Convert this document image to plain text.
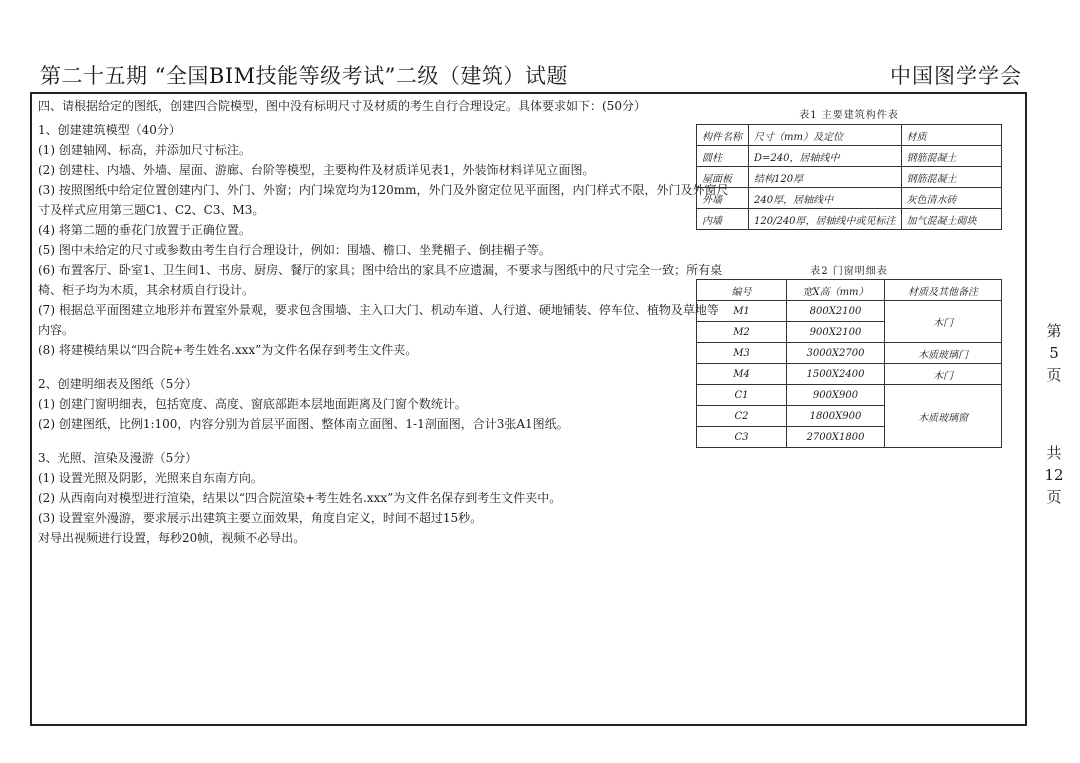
第二十五期 “全国BIM技能等级考试”二级（建筑）试题	中国图学学会
第
5
页
共
12
页
四、请根据给定的图纸，创建四合院模型，图中没有标明尺寸及材质的考生自行合理设定。具体要求如下：(50分）
1、创建建筑模型（40分）
(1) 创建轴网、标高，并添加尺寸标注。
(2) 创建柱、内墙、外墙、屋面、游廊、台阶等模型，主要构件及材质详见表1，外装饰材料详见立面图。
(3) 按照图纸中给定位置创建内门、外门、外窗；内门垛宽均为120mm，外门及外窗定位见平面图，内门样式不限，外门及外窗尺
寸及样式应用第三题C1、C2、C3、M3。
(4) 将第二题的垂花门放置于正确位置。
(5) 图中未给定的尺寸或参数由考生自行合理设计，例如：围墙、檐口、坐凳楣子、倒挂楣子等。
(6) 布置客厅、卧室1、卫生间1、书房、厨房、餐厅的家具；图中给出的家具不应遗漏，不要求与图纸中的尺寸完全一致；所有桌
椅、柜子均为木质，其余材质自行设计。
(7) 根据总平面图建立地形并布置室外景观，要求包含围墙、主入口大门、机动车道、人行道、硬地铺装、停车位、植物及草地等
内容。
(8) 将建模结果以“四合院+考生姓名.xxx”为文件名保存到考生文件夹。
2、创建明细表及图纸（5分）
(1) 创建门窗明细表，包括宽度、高度、窗底部距本层地面距离及门窗个数统计。
(2) 创建图纸，比例1:100，内容分别为首层平面图、整体南立面图、1-1剖面图，合计3张A1图纸。
3、光照、渲染及漫游（5分）
(1) 设置光照及阴影，光照来自东南方向。
(2) 从西南向对模型进行渲染，结果以“四合院渲染+考生姓名.xxx”为文件名保存到考生文件夹中。
(3) 设置室外漫游，要求展示出建筑主要立面效果，角度自定义，时间不超过15秒。
对导出视频进行设置，每秒20帧，视频不必导出。
表1 主要建筑构件表
构件名称	尺寸（mm）及定位	材质
圆柱	D=240，居轴线中	钢筋混凝土
屋面板	结构120厚	钢筋混凝土
外墙	240厚，居轴线中	灰色清水砖
内墙	120/240厚，居轴线中或见标注	加气混凝土砌块
表2 门窗明细表
编号	宽X高（mm）	材质及其他备注
M1	800X2100	木门
M2	900X2100	
M3	3000X2700	木质玻璃门
M4	1500X2400	木门
C1	900X900	木质玻璃窗
C2	1800X900	
C3	2700X1800	
